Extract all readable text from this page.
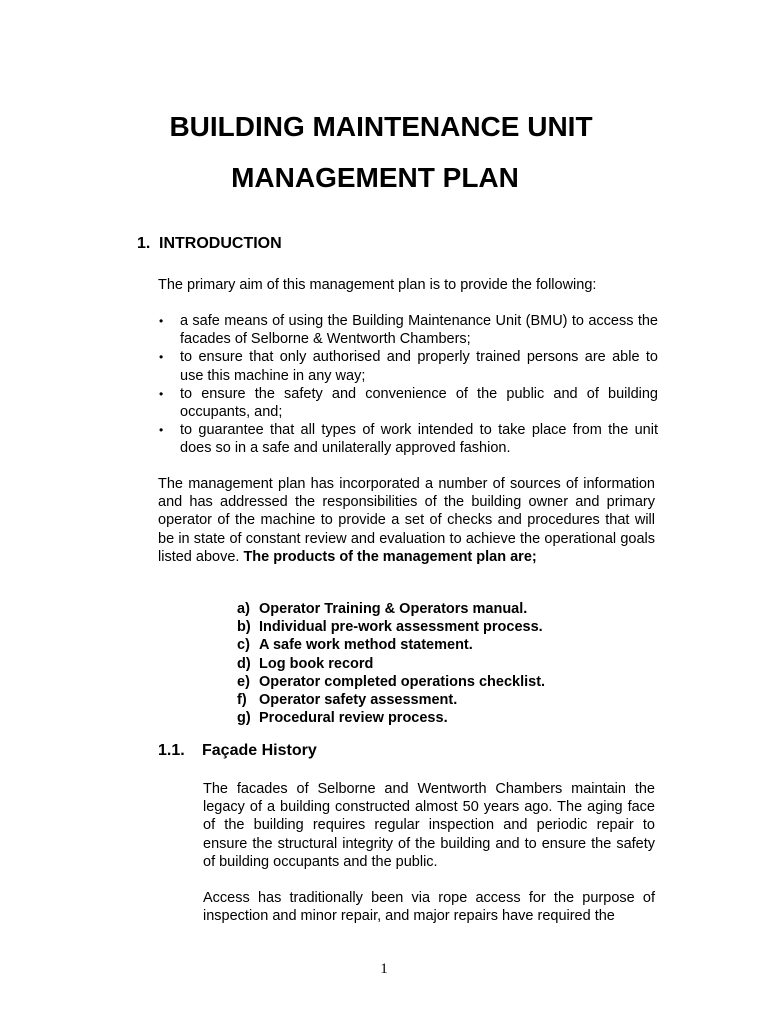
BUILDING MAINTENANCE UNIT
MANAGEMENT PLAN
1. INTRODUCTION
The primary aim of this management plan is to provide the following:
• a safe means of using the Building Maintenance Unit (BMU) to access the facades of Selborne & Wentworth Chambers;
• to ensure that only authorised and properly trained persons are able to use this machine in any way;
• to ensure the safety and convenience of the public and of building occupants, and;
• to guarantee that all types of work intended to take place from the unit does so in a safe and unilaterally approved fashion.
The management plan has incorporated a number of sources of information and has addressed the responsibilities of the building owner and primary operator of the machine to provide a set of checks and procedures that will be in state of constant review and evaluation to achieve the operational goals listed above. The products of the management plan are;
a) Operator Training & Operators manual.
b) Individual pre-work assessment process.
c) A safe work method statement.
d) Log book record
e) Operator completed operations checklist.
f) Operator safety assessment.
g) Procedural review process.
1.1. Façade History
The facades of Selborne and Wentworth Chambers maintain the legacy of a building constructed almost 50 years ago. The aging face of the building requires regular inspection and periodic repair to ensure the structural integrity of the building and to ensure the safety of building occupants and the public.
Access has traditionally been via rope access for the purpose of inspection and minor repair, and major repairs have required the
1
